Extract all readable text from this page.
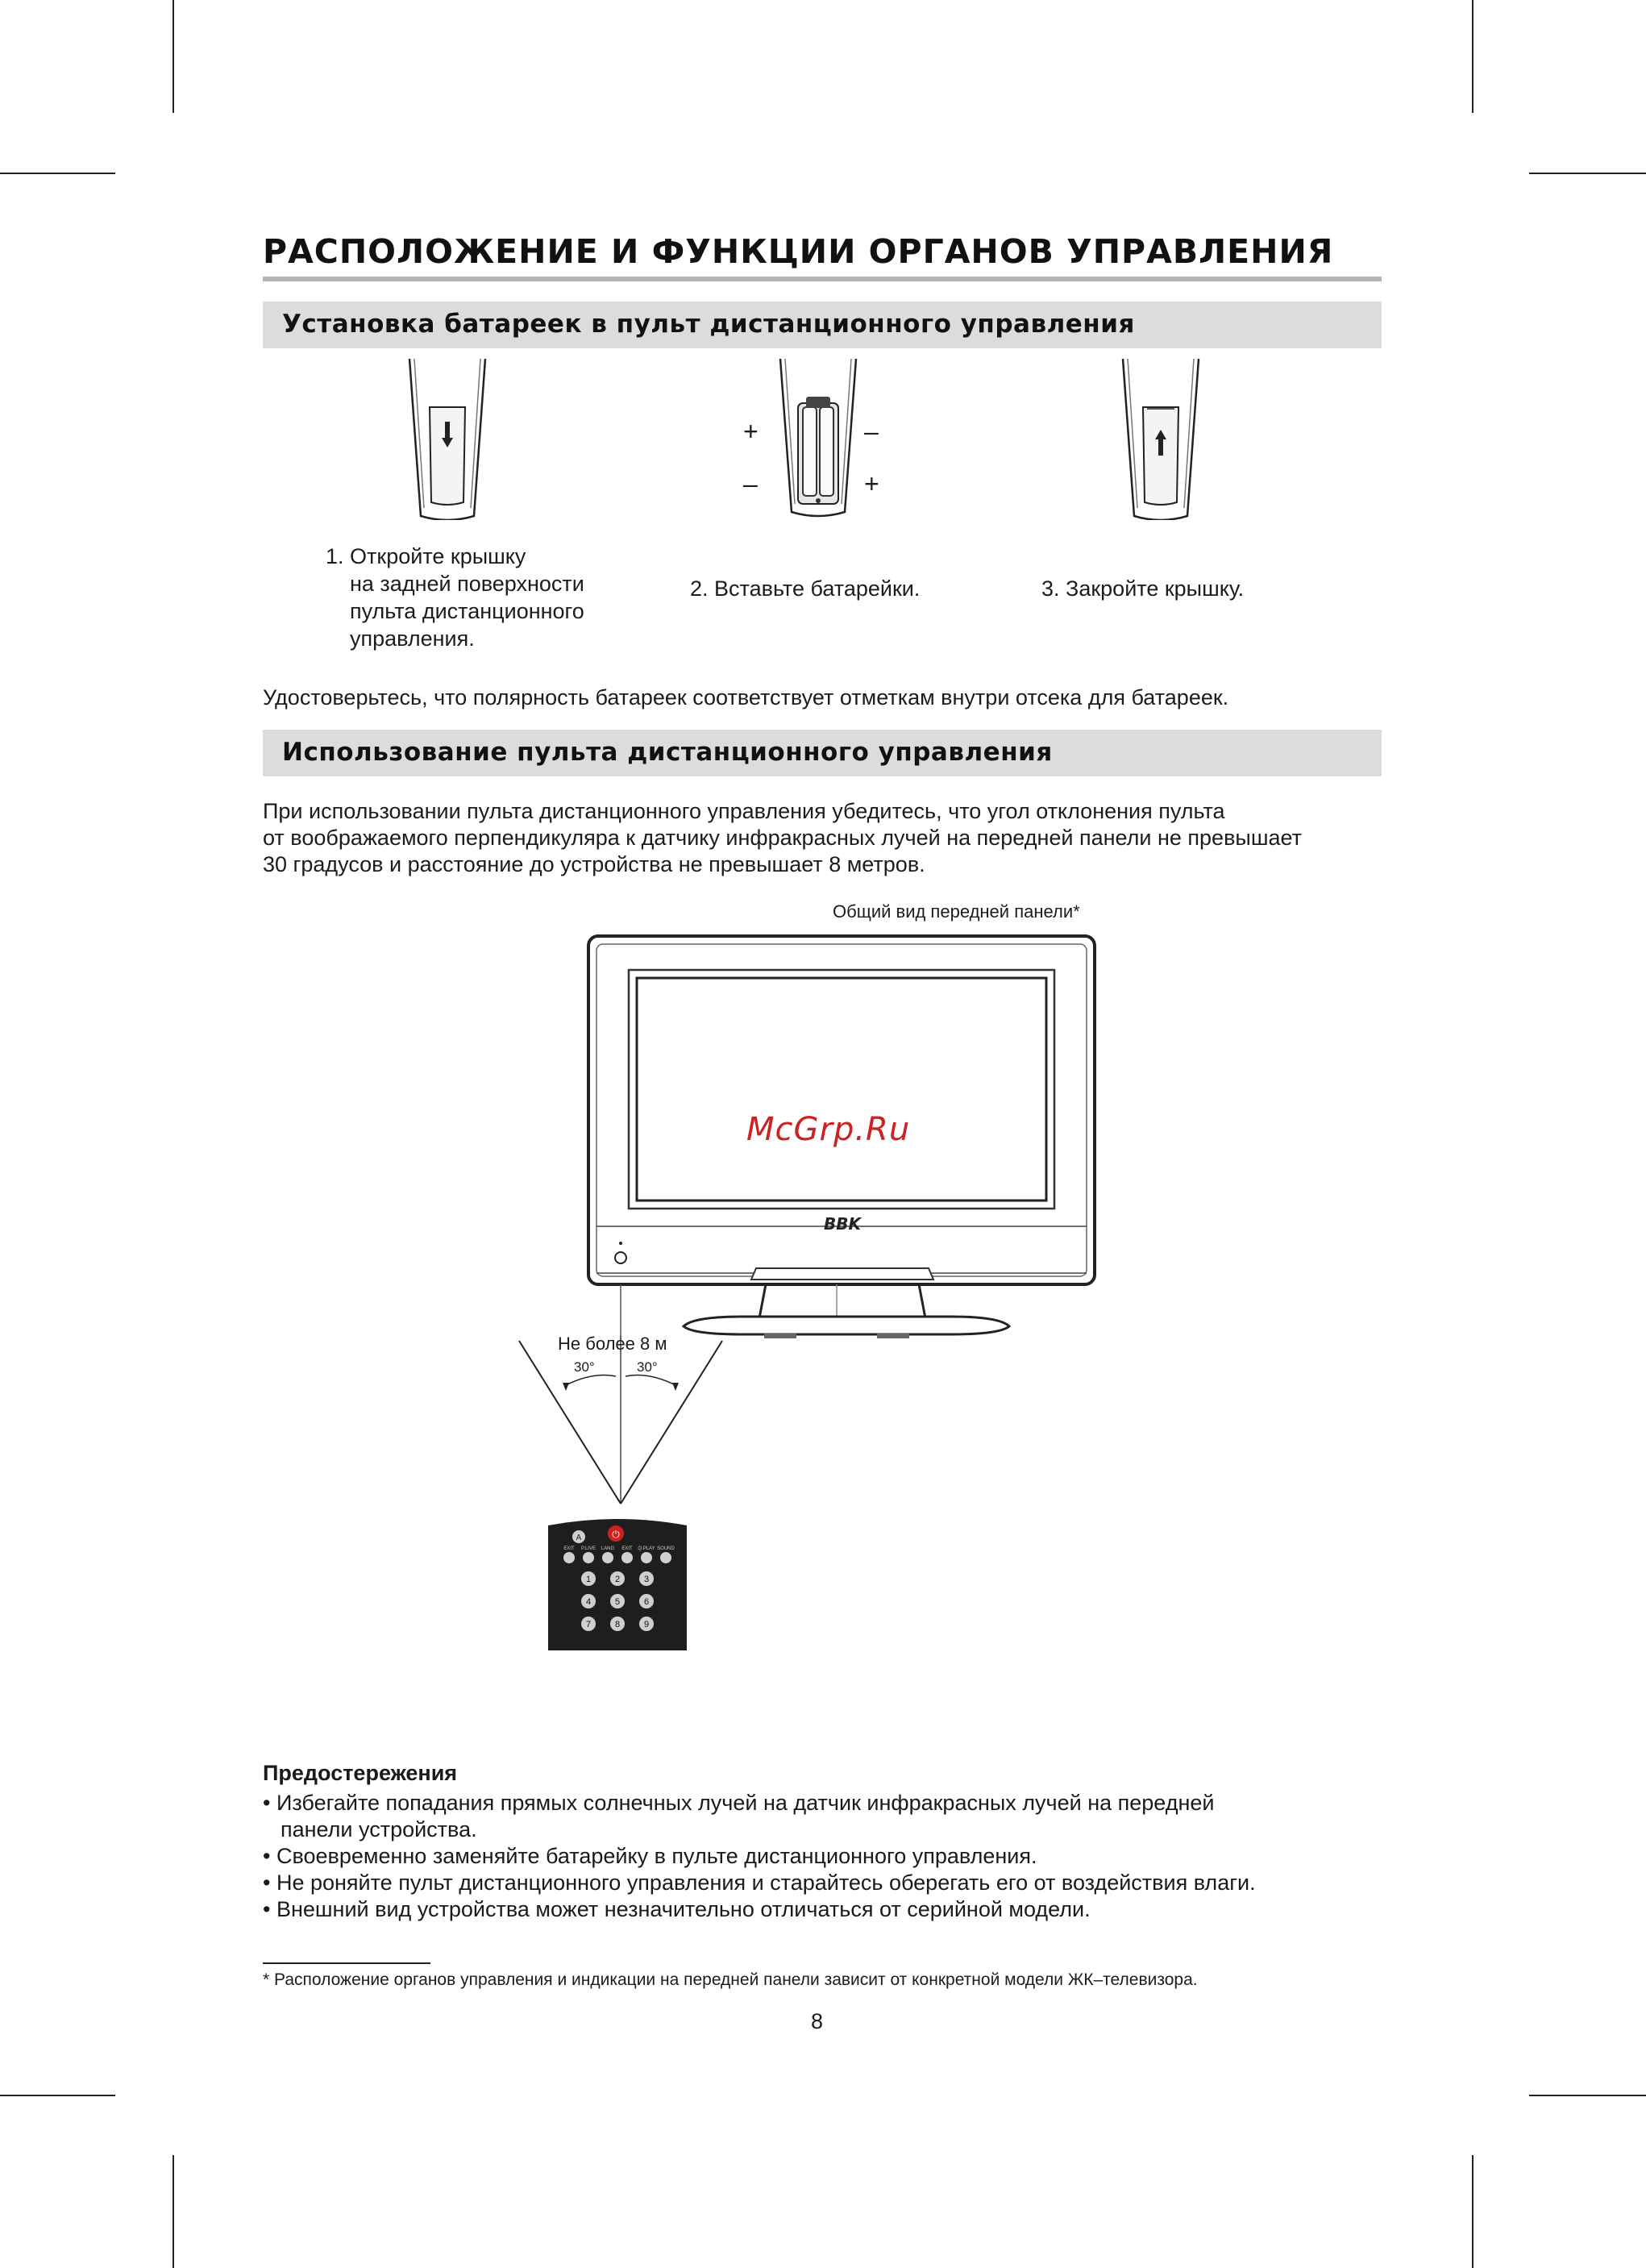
РАСПОЛОЖЕНИЕ И ФУНКЦИИ ОРГАНОВ УПРАВЛЕНИЯ
Установка батареек в пульт дистанционного управления
+
–
–
+
1. Откройте крышку
на задней поверхности пульта дистанционного управления.
2. Вставьте батарейки.	3. Закройте крышку.
Удостоверьтесь, что полярность батареек соответствует отметкам внутри отсека для батареек.
Использование пульта дистанционного управления
При использовании пульта дистанционного управления убедитесь, что угол отклонения пульта
от воображаемого перпендикуляра к датчику инфракрасных лучей на передней панели не превышает
30 градусов и расстояние до устройства не превышает 8 метров.
Общий вид передней панели*
BBK
McGrp.Ru
Не более 8 м
30°	30°
A	⏻
EXIT P.LIVE LANG EXIT Q.PLAY SOUND
1	2	3
4	5	6
7	8	9

Предостережения

• Избегайте попадания прямых солнечных лучей на датчик инфракрасных лучей на передней

панели устройства.

• Своевременно заменяйте батарейку в пульте дистанционного управления.

• Не роняйте пульт дистанционного управления и старайтесь оберегать его от воздействия влаги.

• Внешний вид устройства может незначительно отличаться от серийной модели.

* Расположение органов управления и индикации на передней панели зависит от конкретной модели ЖК–телевизора.
8
